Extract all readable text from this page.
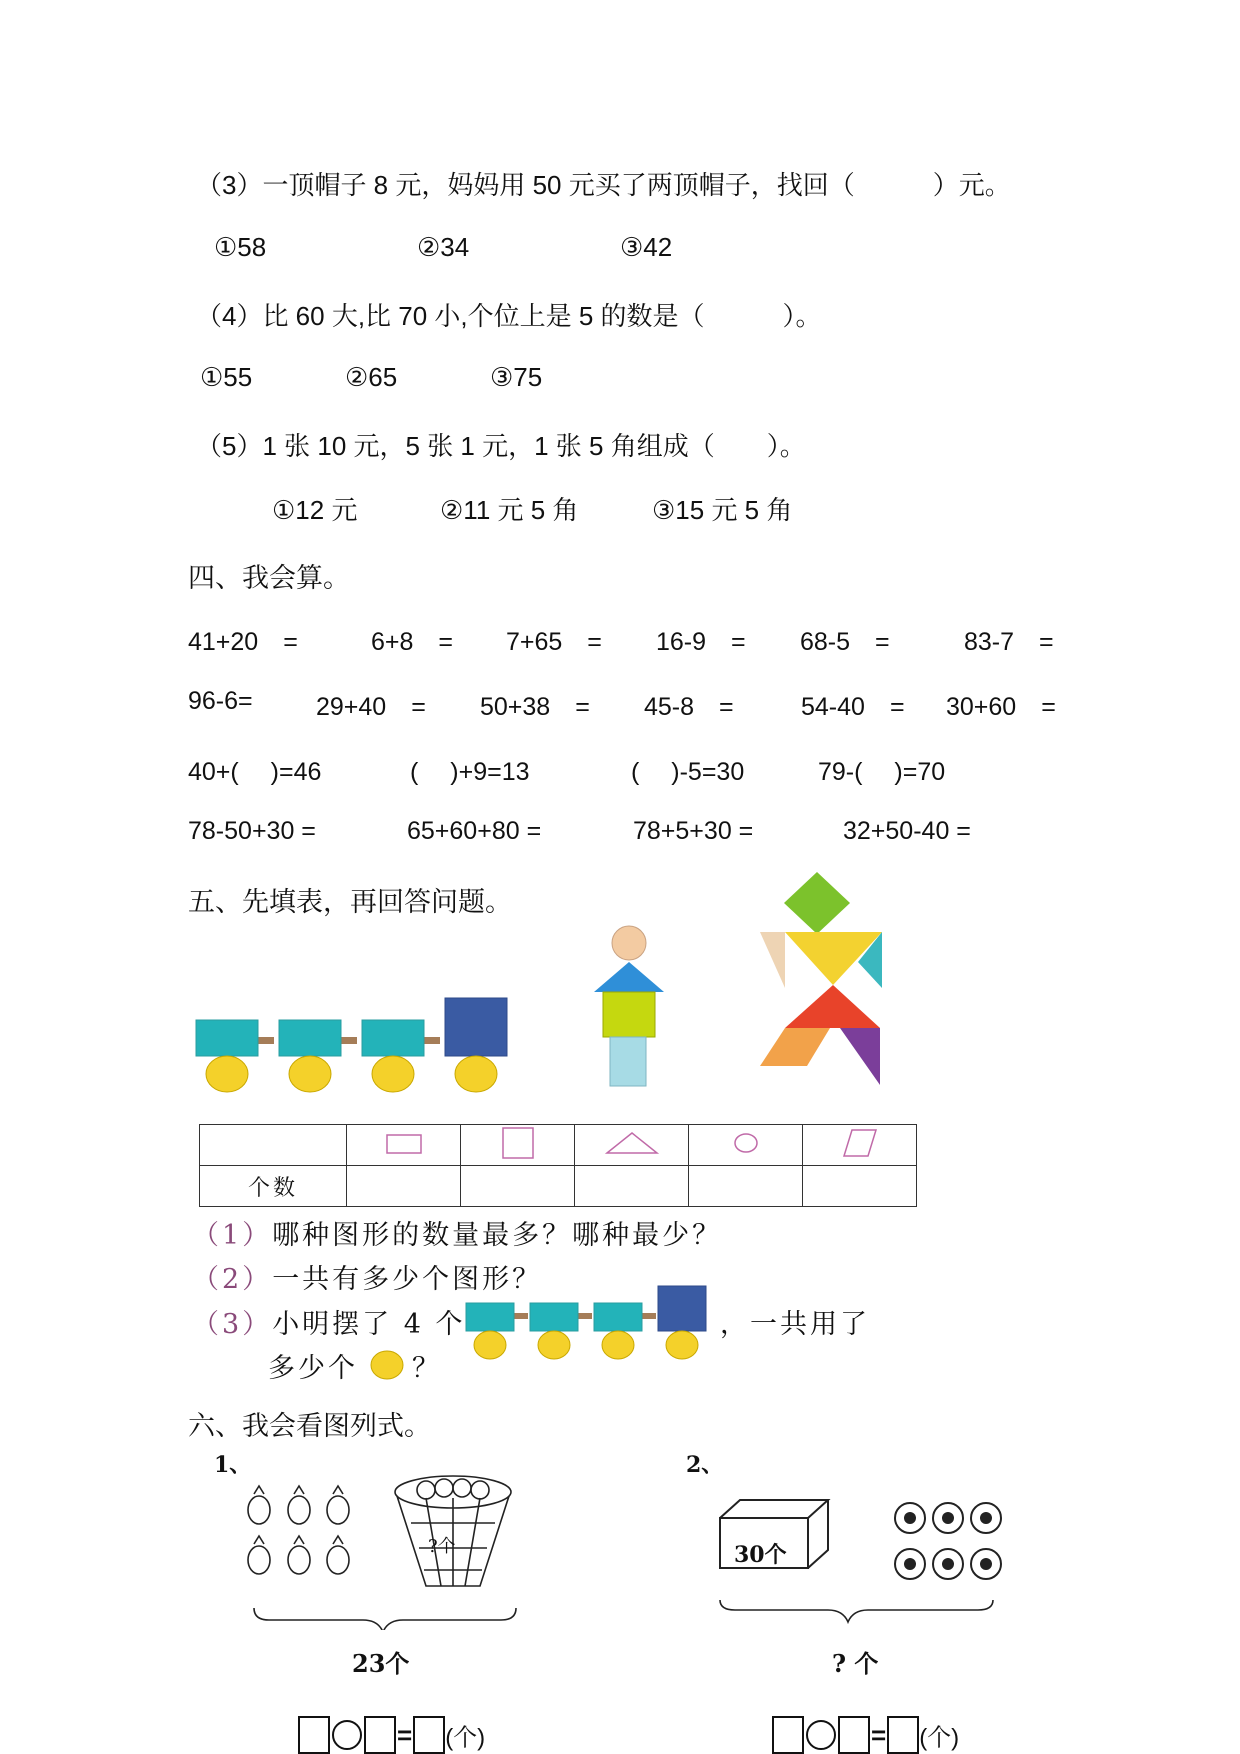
（3）一顶帽子 8 元，妈妈用 50 元买了两顶帽子，找回（　　　）元。
①58	②34	③42
（4）比 60 大,比 70 小,个位上是 5 的数是（　　　）。
①55	②65	③75
（5）1 张 10 元，5 张 1 元，1 张 5 角组成（　　）。
①12 元	②11 元 5 角	③15 元 5 角
四、我会算。
41+20　=	6+8　= 7+65　= 16-9　= 68-5　=	83-7　=
96-6=	29+40　= 50+38　= 45-8　=	54-40　= 30+60　=
40+(　 )=46	(　 )+9=13	(　 )-5=30	79-(　 )=70
78-50+30 =	65+60+80 =	78+5+30 =	32+50-40 =
五、先填表，再回答问题。

个数					
（1）哪种图形的数量最多？哪种最少？
（2）一共有多少个图形？
（3）小明摆了 4 个	，一共用了
多少个 ？
六、我会看图列式。
1、
?个
23个
= (个)
2、
30个
? 个
= (个)
